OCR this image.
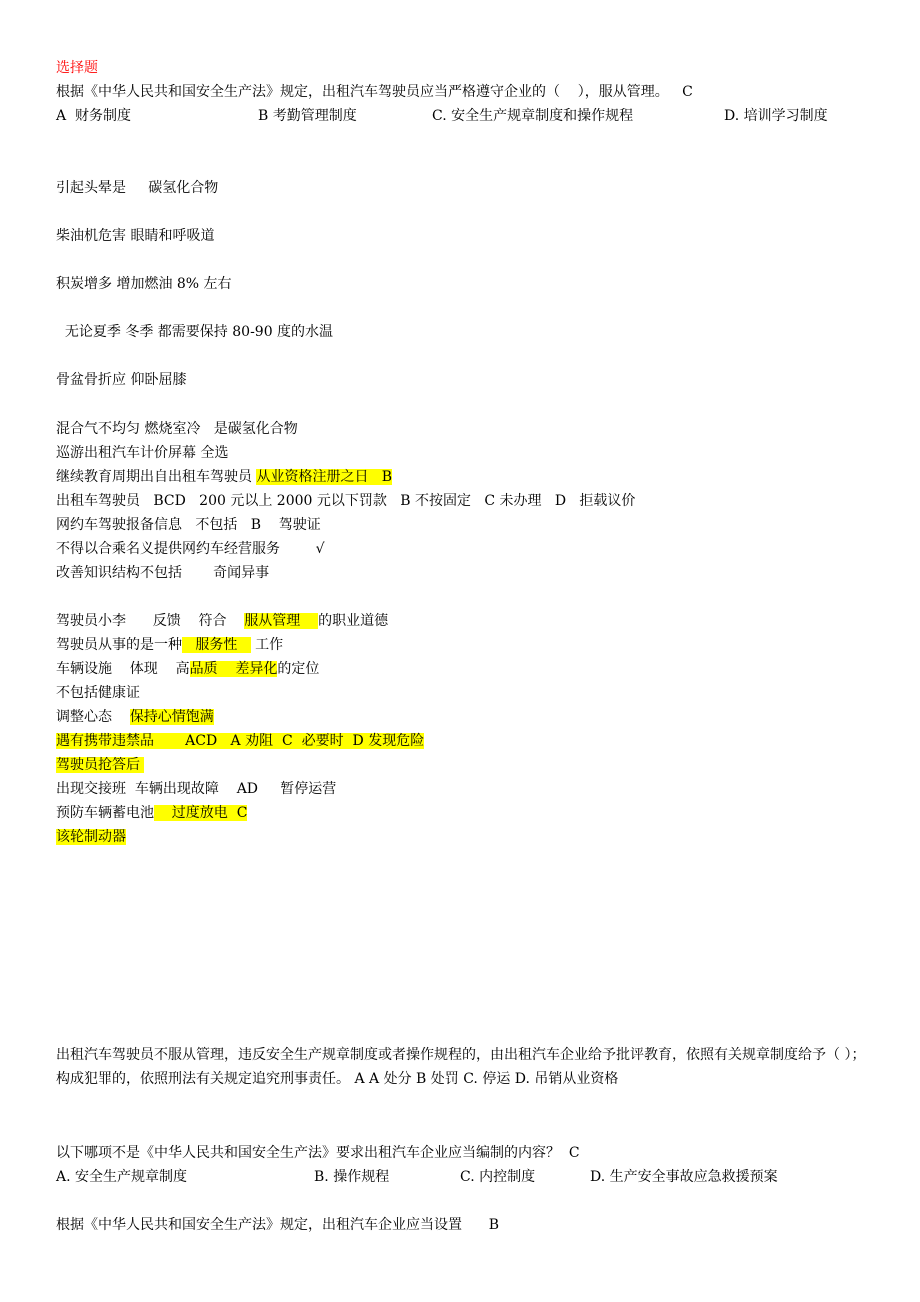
选择题
根据《中华人民共和国安全生产法》规定，出租汽车驾驶员应当严格遵守企业的（    ），服从管理。   C

A  财务制度

	B 考勤管理制度

	C. 安全生产规章制度和操作规程

	D. 培训学习制度

引起头晕是     碳氢化合物
柴油机危害 眼睛和呼吸道
积炭增多 增加燃油 8% 左右
无论夏季 冬季 都需要保持 80-90 度的水温
骨盆骨折应 仰卧屈膝
混合气不均匀 燃烧室冷   是碳氢化合物
巡游出租汽车计价屏幕 全选
继续教育周期出自出租车驾驶员 从业资格注册之日   B
出租车驾驶员   BCD   200 元以上 2000 元以下罚款   B 不按固定   C 未办理   D   拒载议价
网约车驾驶报备信息   不包括   B    驾驶证
不得以合乘名义提供网约车经营服务        √
改善知识结构不包括       奇闻异事
驾驶员小李      反馈    符合    服从管理    的职业道德
驾驶员从事的是一种   服务性    工作
车辆设施    体现    高品质    差异化的定位
不包括健康证
调整心态    保持心情饱满
遇有携带违禁品       ACD   A 劝阻  C  必要时  D 发现危险
驾驶员抢答后
出现交接班  车辆出现故障    AD     暂停运营
预防车辆蓄电池    过度放电  C
该轮制动器
出租汽车驾驶员不服从管理，违反安全生产规章制度或者操作规程的，由出租汽车企业给予批评教育，依照有关规章制度给予（ ）；构成犯罪的，依照刑法有关规定追究刑事责任。 A A 处分 B 处罚 C. 停运 D. 吊销从业资格
以下哪项不是《中华人民共和国安全生产法》要求出租汽车企业应当编制的内容？  C

A. 安全生产规章制度

	B. 操作规程

	C. 内控制度

	D. 生产安全事故应急救援预案

根据《中华人民共和国安全生产法》规定，出租汽车企业应当设置      B
